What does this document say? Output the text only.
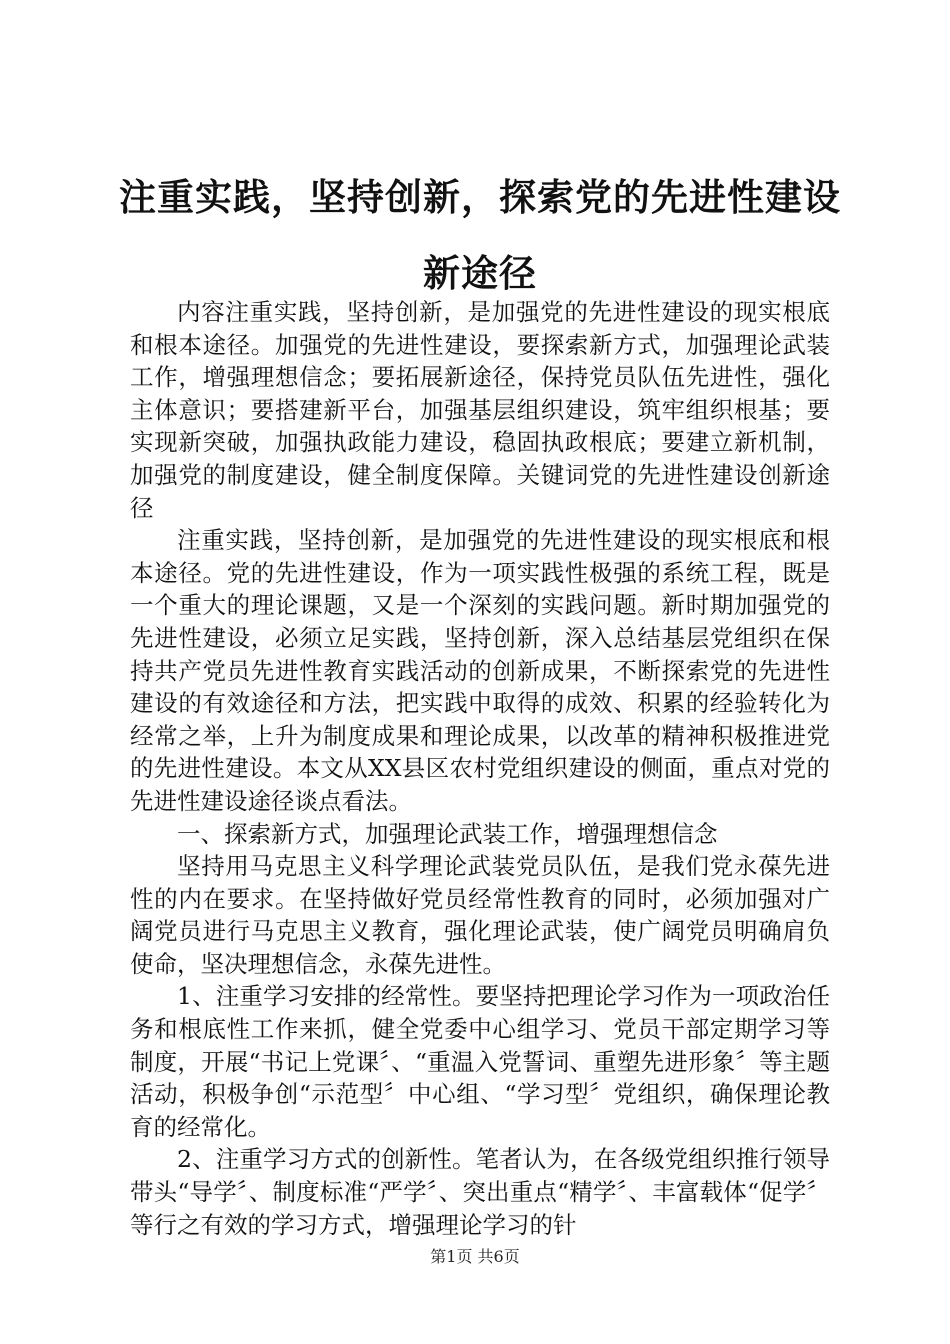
注重实践，坚持创新，探索党的先进性建设新途径

内容注重实践，坚持创新，是加强党的先进性建设的现实根底和根本途径。加强党的先进性建设，要探索新方式，加强理论武装工作，增强理想信念；要拓展新途径，保持党员队伍先进性，强化主体意识；要搭建新平台，加强基层组织建设，筑牢组织根基；要实现新突破，加强执政能力建设，稳固执政根底；要建立新机制，加强党的制度建设，健全制度保障。关键词党的先进性建设创新途径

注重实践，坚持创新，是加强党的先进性建设的现实根底和根本途径。党的先进性建设，作为一项实践性极强的系统工程，既是一个重大的理论课题，又是一个深刻的实践问题。新时期加强党的先进性建设，必须立足实践，坚持创新，深入总结基层党组织在保持共产党员先进性教育实践活动的创新成果，不断探索党的先进性建设的有效途径和方法，把实践中取得的成效、积累的经验转化为经常之举，上升为制度成果和理论成果，以改革的精神积极推进党的先进性建设。本文从XX县区农村党组织建设的侧面，重点对党的先进性建设途径谈点看法。

一、探索新方式，加强理论武装工作，增强理想信念

坚持用马克思主义科学理论武装党员队伍，是我们党永葆先进性的内在要求。在坚持做好党员经常性教育的同时，必须加强对广阔党员进行马克思主义教育，强化理论武装，使广阔党员明确肩负使命，坚决理想信念，永葆先进性。

1、注重学习安排的经常性。要坚持把理论学习作为一项政治任务和根底性工作来抓，健全党委中心组学习、党员干部定期学习等制度，开展“书记上党课〞、“重温入党誓词、重塑先进形象〞等主题活动，积极争创“示范型〞中心组、“学习型〞党组织，确保理论教育的经常化。

2、注重学习方式的创新性。笔者认为，在各级党组织推行领导带头“导学〞、制度标准“严学〞、突出重点“精学〞、丰富载体“促学〞等行之有效的学习方式，增强理论学习的针

第1页 共6页
